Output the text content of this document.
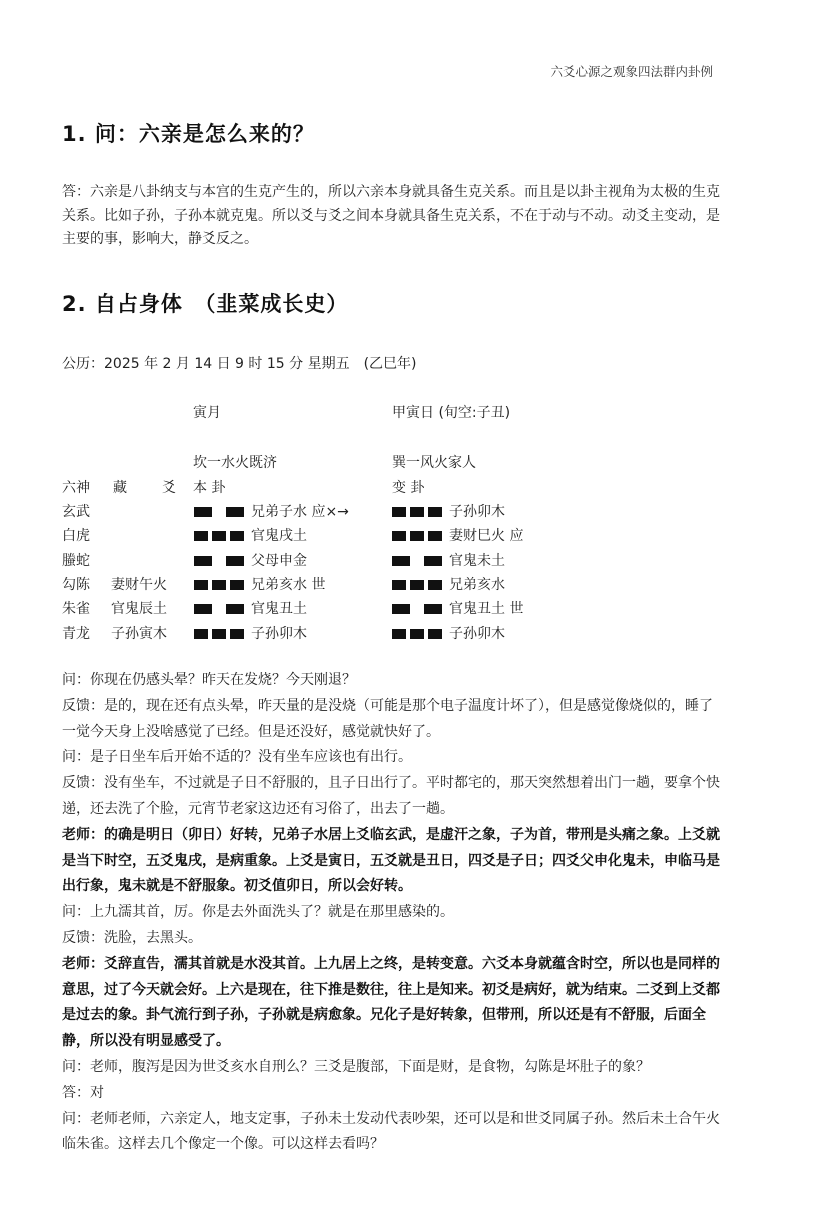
六爻心源之观象四法群内卦例
1. 问：六亲是怎么来的？
答：六亲是八卦纳支与本宫的生克产生的，所以六亲本身就具备生克关系。而且是以卦主视角为太极的生克关系。比如子孙，子孙本就克鬼。所以爻与爻之间本身就具备生克关系，不在于动与不动。动爻主变动，是主要的事，影响大，静爻反之。
2. 自占身体　（韭菜成长史）
公历：2025 年 2 月 14 日 9 时 15 分 星期五　(乙巳年)
寅月	甲寅日 (旬空:子丑)
坎一水火既济	巽一风火家人
六神 藏	爻 本 卦	变 卦
玄武	兄弟子水 应×→	子孙卯木
白虎	官鬼戌土	妻财巳火 应
螣蛇	父母申金	官鬼未土
勾陈 妻财午火	兄弟亥水 世	兄弟亥水
朱雀 官鬼辰土	官鬼丑土	官鬼丑土 世
青龙 子孙寅木	子孙卯木	子孙卯木

问：你现在仍感头晕？昨天在发烧？今天刚退？

反馈：是的，现在还有点头晕，昨天量的是没烧（可能是那个电子温度计坏了），但是感觉像烧似的，睡了一觉今天身上没啥感觉了已经。但是还没好，感觉就快好了。

问：是子日坐车后开始不适的？没有坐车应该也有出行。

反馈：没有坐车，不过就是子日不舒服的，且子日出行了。平时都宅的，那天突然想着出门一趟，要拿个快递，还去洗了个脸，元宵节老家这边还有习俗了，出去了一趟。

老师：的确是明日（卯日）好转，兄弟子水居上爻临玄武，是虚汗之象，子为首，带刑是头痛之象。上爻就是当下时空，五爻鬼戌，是病重象。上爻是寅日，五爻就是丑日，四爻是子日；四爻父申化鬼未，申临马是出行象，鬼未就是不舒服象。初爻值卯日，所以会好转。

问：上九濡其首，厉。你是去外面洗头了？就是在那里感染的。

反馈：洗脸，去黑头。

老师：爻辞直告，濡其首就是水没其首。上九居上之终，是转变意。六爻本身就蕴含时空，所以也是同样的意思，过了今天就会好。上六是现在，往下推是数往，往上是知来。初爻是病好，就为结束。二爻到上爻都是过去的象。卦气流行到子孙，子孙就是病愈象。兄化子是好转象，但带刑，所以还是有不舒服，后面全静，所以没有明显感受了。

问：老师，腹泻是因为世爻亥水自刑么？三爻是腹部，下面是财，是食物，勾陈是坏肚子的象？

答：对

问：老师老师，六亲定人，地支定事，子孙未土发动代表吵架，还可以是和世爻同属子孙。然后未土合午火临朱雀。这样去几个像定一个像。可以这样去看吗？
